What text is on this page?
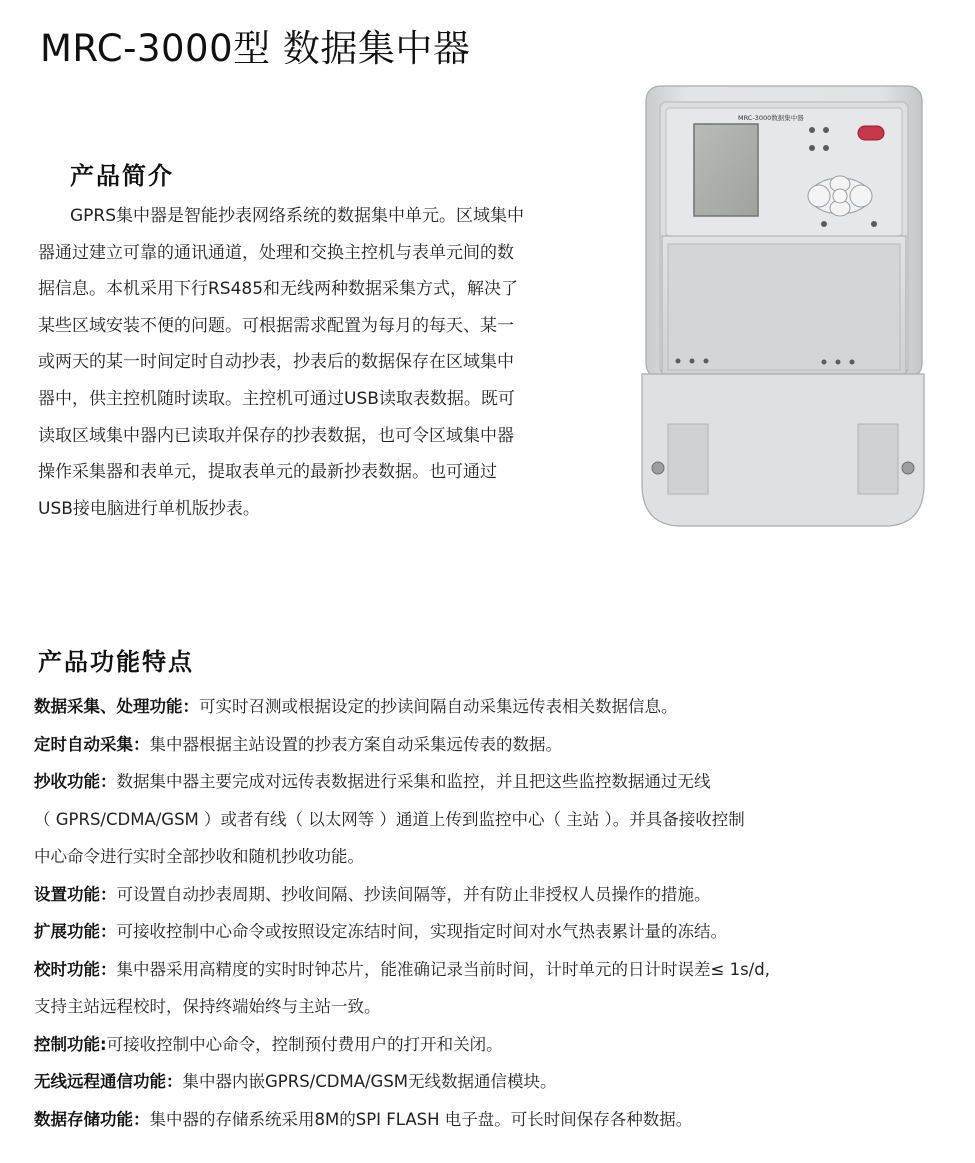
MRC-3000型 数据集中器
产品简介

GPRS集中器是智能抄表网络系统的数据集中单元。区域集中
器通过建立可靠的通讯通道，处理和交换主控机与表单元间的数
据信息。本机采用下行RS485和无线两种数据采集方式，解决了
某些区域安装不便的问题。可根据需求配置为每月的每天、某一
或两天的某一时间定时自动抄表，抄表后的数据保存在区域集中
器中，供主控机随时读取。主控机可通过USB读取表数据。既可
读取区域集中器内已读取并保存的抄表数据，也可令区域集中器
操作采集器和表单元，提取表单元的最新抄表数据。也可通过
USB接电脑进行单机版抄表。

MRC-3000数据集中器
产品功能特点
数据采集、处理功能：可实时召测或根据设定的抄读间隔自动采集远传表相关数据信息。
定时自动采集：集中器根据主站设置的抄表方案自动采集远传表的数据。
抄收功能：数据集中器主要完成对远传表数据进行采集和监控，并且把这些监控数据通过无线
（ GPRS/CDMA/GSM ）或者有线（ 以太网等 ）通道上传到监控中心（ 主站 ）。并具备接收控制
中心命令进行实时全部抄收和随机抄收功能。
设置功能：可设置自动抄表周期、抄收间隔、抄读间隔等，并有防止非授权人员操作的措施。
扩展功能：可接收控制中心命令或按照设定冻结时间，实现指定时间对水气热表累计量的冻结。
校时功能：集中器采用高精度的实时时钟芯片，能准确记录当前时间，计时单元的日计时误差≤ 1s/d,
支持主站远程校时，保持终端始终与主站一致。
控制功能:可接收控制中心命令，控制预付费用户的打开和关闭。
无线远程通信功能：集中器内嵌GPRS/CDMA/GSM无线数据通信模块。
数据存储功能：集中器的存储系统采用8M的SPI FLASH 电子盘。可长时间保存各种数据。
